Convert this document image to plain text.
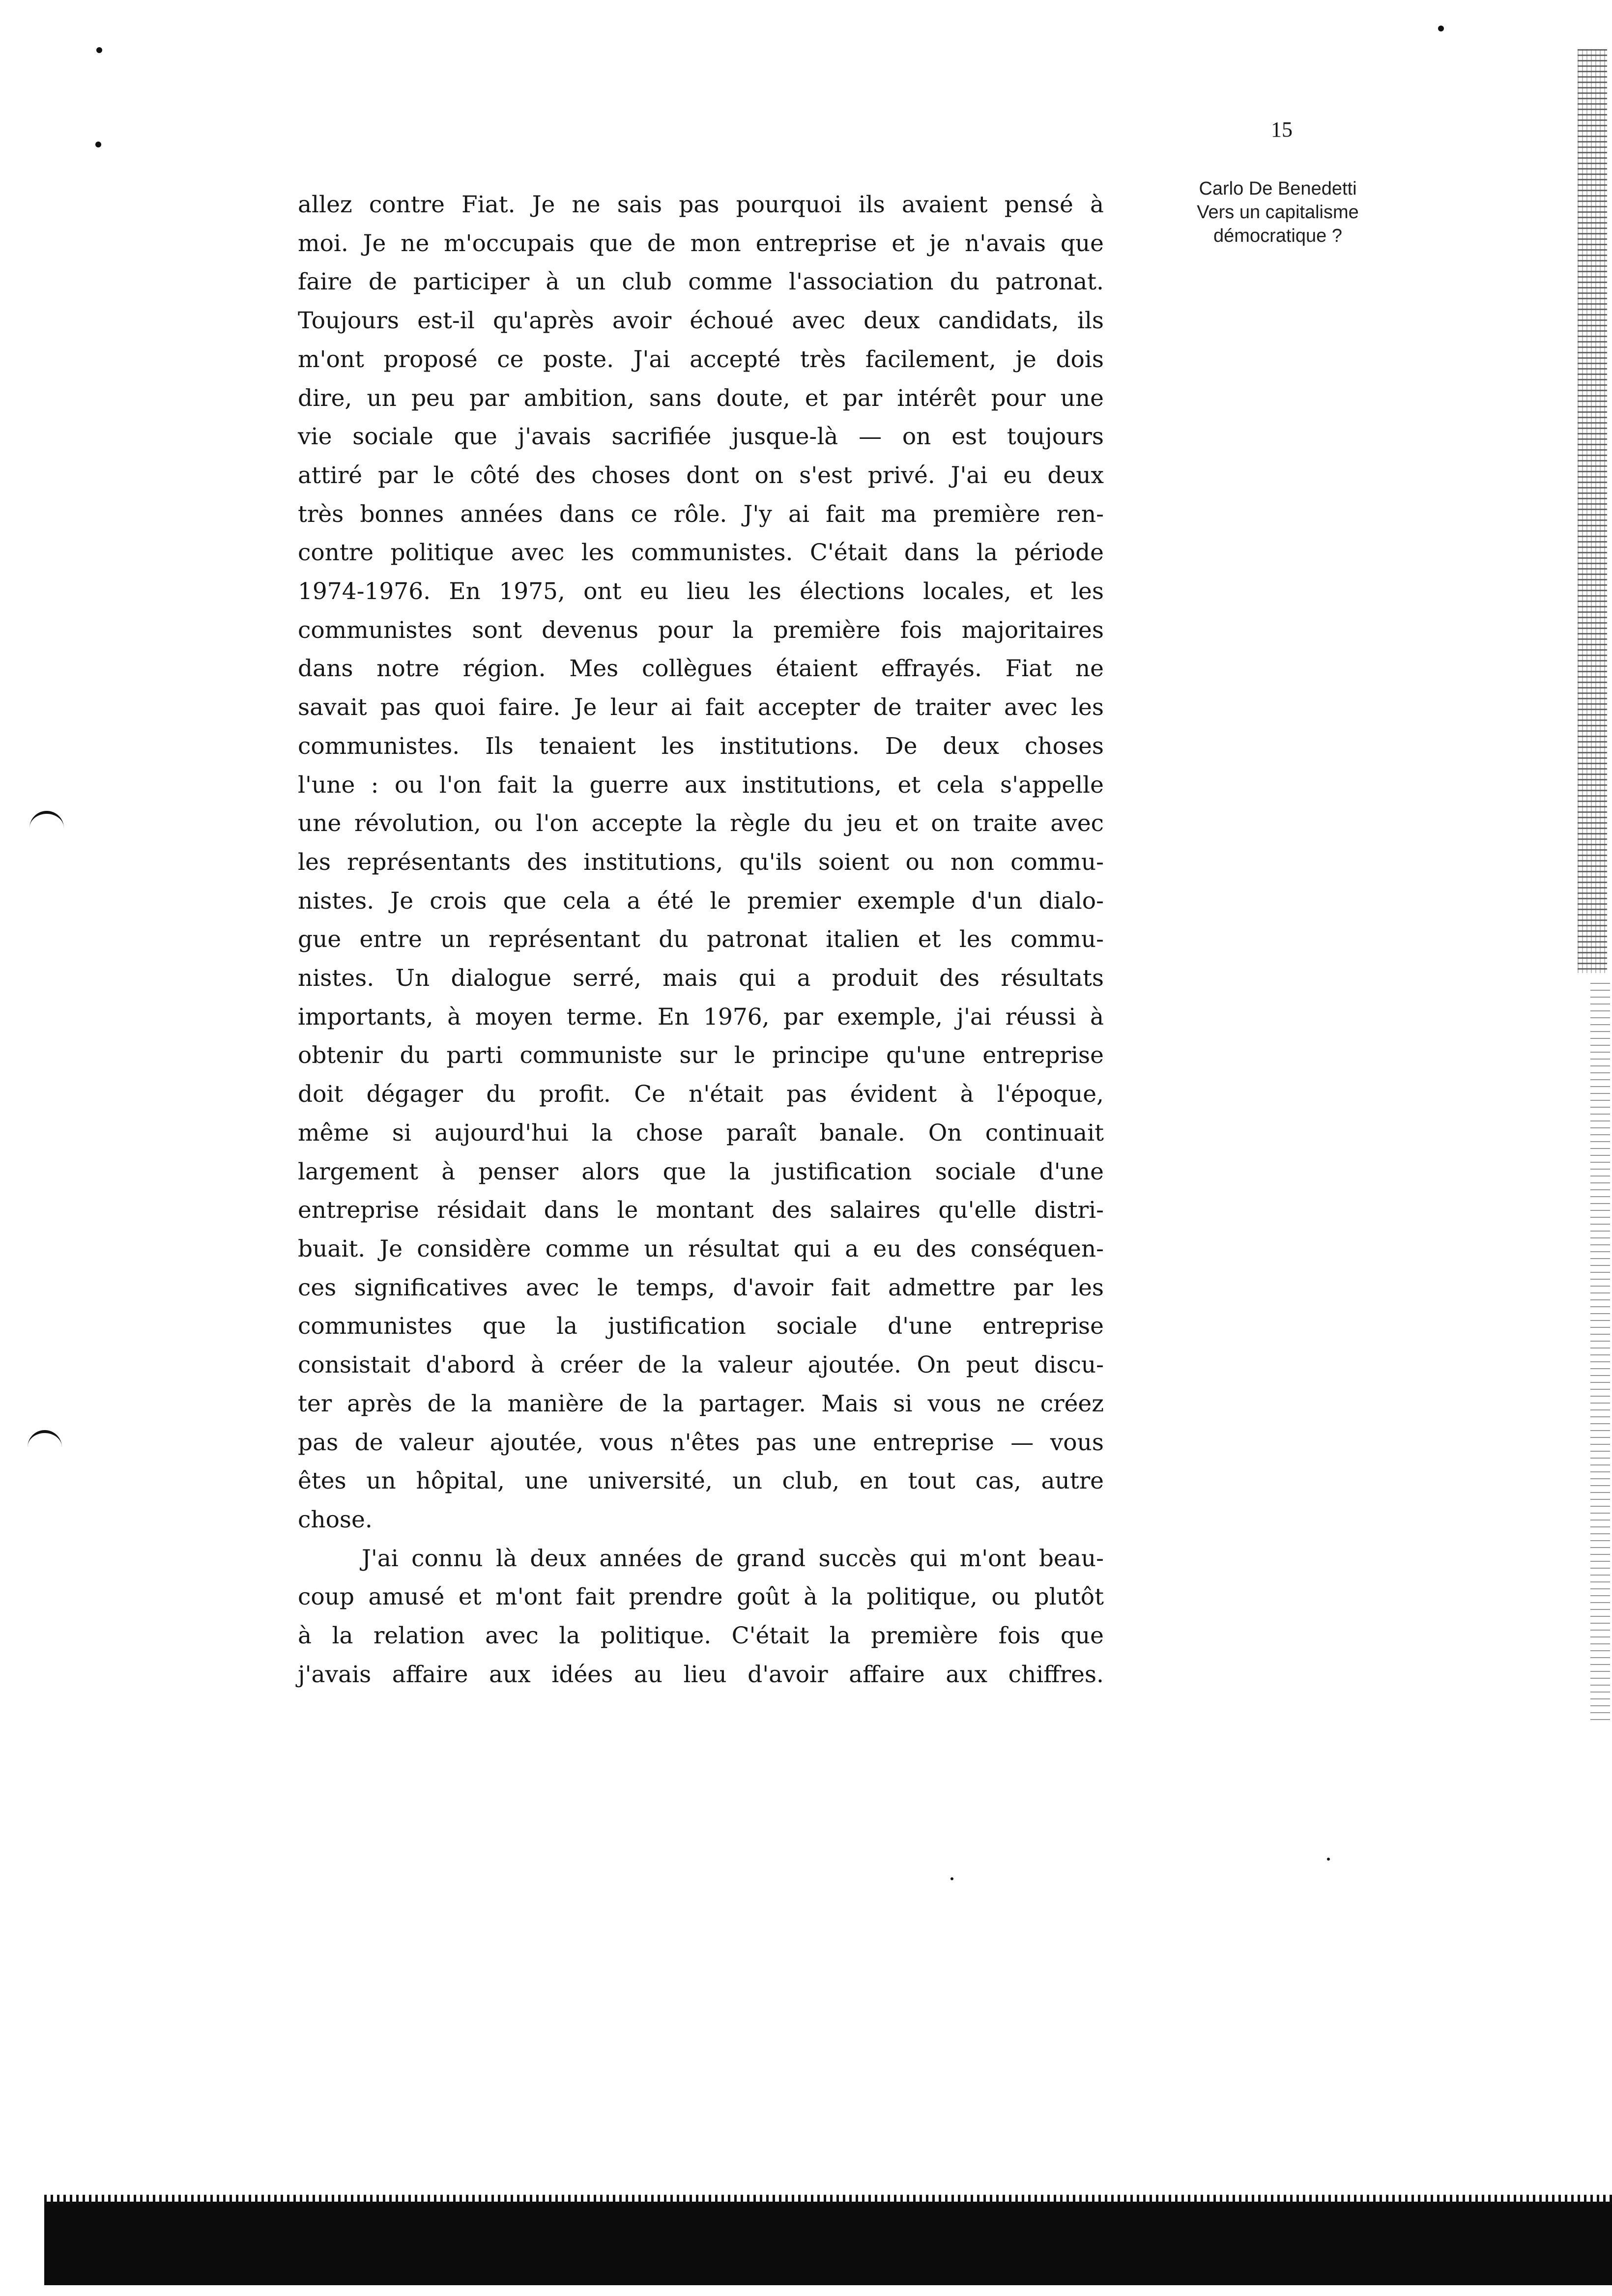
15
Carlo De Benedetti
Vers un capitalisme
démocratique ?
allez contre Fiat. Je ne sais pas pourquoi ils avaient pensé à
moi. Je ne m'occupais que de mon entreprise et je n'avais que
faire de participer à un club comme l'association du patronat.
Toujours est-il qu'après avoir échoué avec deux candidats, ils
m'ont proposé ce poste. J'ai accepté très facilement, je dois
dire, un peu par ambition, sans doute, et par intérêt pour une
vie sociale que j'avais sacrifiée jusque-là — on est toujours
attiré par le côté des choses dont on s'est privé. J'ai eu deux
très bonnes années dans ce rôle. J'y ai fait ma première ren-
contre politique avec les communistes. C'était dans la période
1974-1976. En 1975, ont eu lieu les élections locales, et les
communistes sont devenus pour la première fois majoritaires
dans notre région. Mes collègues étaient effrayés. Fiat ne
savait pas quoi faire. Je leur ai fait accepter de traiter avec les
communistes. Ils tenaient les institutions. De deux choses
l'une : ou l'on fait la guerre aux institutions, et cela s'appelle
une révolution, ou l'on accepte la règle du jeu et on traite avec
les représentants des institutions, qu'ils soient ou non commu-
nistes. Je crois que cela a été le premier exemple d'un dialo-
gue entre un représentant du patronat italien et les commu-
nistes. Un dialogue serré, mais qui a produit des résultats
importants, à moyen terme. En 1976, par exemple, j'ai réussi à
obtenir du parti communiste sur le principe qu'une entreprise
doit dégager du profit. Ce n'était pas évident à l'époque,
même si aujourd'hui la chose paraît banale. On continuait
largement à penser alors que la justification sociale d'une
entreprise résidait dans le montant des salaires qu'elle distri-
buait. Je considère comme un résultat qui a eu des conséquen-
ces significatives avec le temps, d'avoir fait admettre par les
communistes que la justification sociale d'une entreprise
consistait d'abord à créer de la valeur ajoutée. On peut discu-
ter après de la manière de la partager. Mais si vous ne créez
pas de valeur ajoutée, vous n'êtes pas une entreprise — vous
êtes un hôpital, une université, un club, en tout cas, autre
chose.
J'ai connu là deux années de grand succès qui m'ont beau-
coup amusé et m'ont fait prendre goût à la politique, ou plutôt
à la relation avec la politique. C'était la première fois que
j'avais affaire aux idées au lieu d'avoir affaire aux chiffres.
